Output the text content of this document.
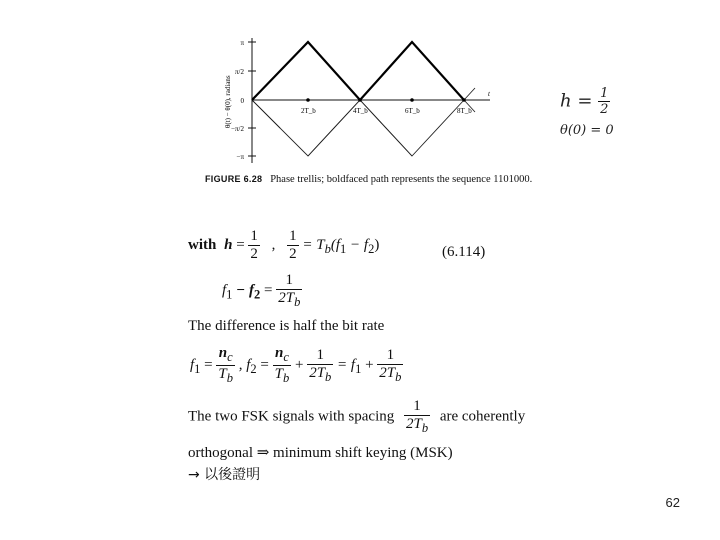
π
π/2
0
−π/2
−π
2T_b	4T_b	6T_b	8T_b
t
θ(t) − θ(0), radians
FIGURE 6.28 Phase trellis; boldfaced path represents the sequence 1101000.
$h = \frac{1}{2}$
θ(0) = 0
with $h = \frac{1}{2}$ , $\frac{1}{2} = T_b(f_1 - f_2)$	(6.114)
$f_1 - f_2 = \frac{1}{2T_b}$
The difference is half the bit rate
$f_1 = \frac{n_c}{T_b}$ , $f_2 = \frac{n_c}{T_b} + \frac{1}{2T_b} = f_1 + \frac{1}{2T_b}$
The two FSK signals with spacing $\frac{1}{2T_b}$ are coherently
orthogonal ⇒ minimum shift keying (MSK)
→ 以後證明
62
